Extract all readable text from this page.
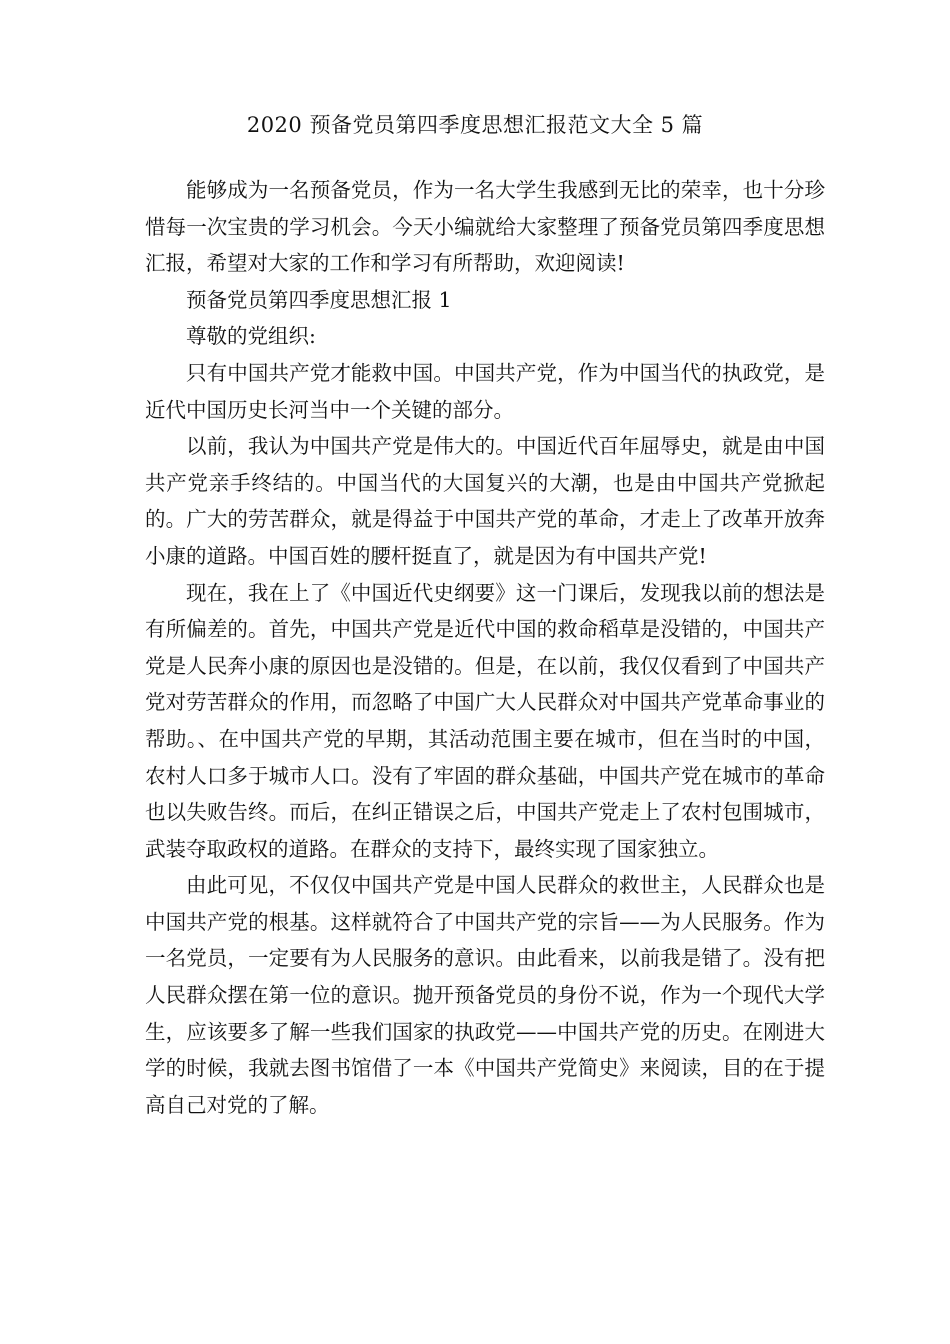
2020 预备党员第四季度思想汇报范文大全 5 篇

能够成为一名预备党员，作为一名大学生我感到无比的荣幸，也十分珍惜每一次宝贵的学习机会。今天小编就给大家整理了预备党员第四季度思想汇报，希望对大家的工作和学习有所帮助，欢迎阅读!

预备党员第四季度思想汇报 1

尊敬的党组织:

只有中国共产党才能救中国。中国共产党，作为中国当代的执政党，是近代中国历史长河当中一个关键的部分。

以前，我认为中国共产党是伟大的。中国近代百年屈辱史，就是由中国共产党亲手终结的。中国当代的大国复兴的大潮，也是由中国共产党掀起的。广大的劳苦群众，就是得益于中国共产党的革命，才走上了改革开放奔小康的道路。中国百姓的腰杆挺直了，就是因为有中国共产党!

现在，我在上了《中国近代史纲要》这一门课后，发现我以前的想法是有所偏差的。首先，中国共产党是近代中国的救命稻草是没错的，中国共产党是人民奔小康的原因也是没错的。但是，在以前，我仅仅看到了中国共产党对劳苦群众的作用，而忽略了中国广大人民群众对中国共产党革命事业的帮助。、在中国共产党的早期，其活动范围主要在城市，但在当时的中国，农村人口多于城市人口。没有了牢固的群众基础，中国共产党在城市的革命也以失败告终。而后，在纠正错误之后，中国共产党走上了农村包围城市，武装夺取政权的道路。在群众的支持下，最终实现了国家独立。

由此可见，不仅仅中国共产党是中国人民群众的救世主，人民群众也是中国共产党的根基。这样就符合了中国共产党的宗旨——为人民服务。作为一名党员，一定要有为人民服务的意识。由此看来，以前我是错了。没有把人民群众摆在第一位的意识。抛开预备党员的身份不说，作为一个现代大学生，应该要多了解一些我们国家的执政党——中国共产党的历史。在刚进大学的时候，我就去图书馆借了一本《中国共产党简史》来阅读，目的在于提高自己对党的了解。
